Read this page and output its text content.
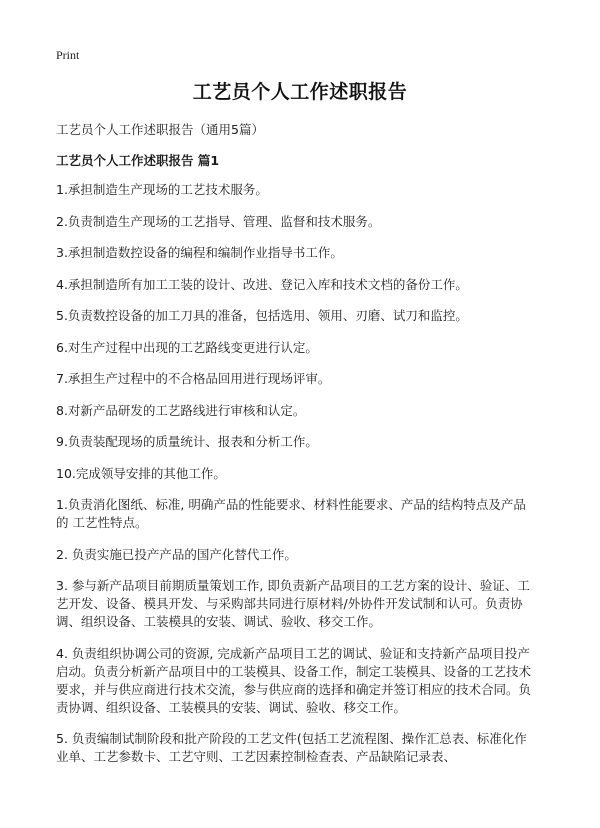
Print
工艺员个人工作述职报告
工艺员个人工作述职报告（通用5篇）
工艺员个人工作述职报告 篇1
1.承担制造生产现场的工艺技术服务。
2.负责制造生产现场的工艺指导、管理、监督和技术服务。
3.承担制造数控设备的编程和编制作业指导书工作。
4.承担制造所有加工工装的设计、改进、登记入库和技术文档的备份工作。
5.负责数控设备的加工刀具的准备，包括选用、领用、刃磨、试刀和监控。
6.对生产过程中出现的工艺路线变更进行认定。
7.承担生产过程中的不合格品回用进行现场评审。
8.对新产品研发的工艺路线进行审核和认定。
9.负责装配现场的质量统计、报表和分析工作。
10.完成领导安排的其他工作。
1.负责消化图纸、标准, 明确产品的性能要求、材料性能要求、产品的结构特点及产品的 工艺性特点。
2. 负责实施已投产产品的国产化替代工作。
3. 参与新产品项目前期质量策划工作, 即负责新产品项目的工艺方案的设计、验证、工艺开发、设备、模具开发、与采购部共同进行原材料/外协件开发试制和认可。负责协调、组织设备、工装模具的安装、调试、验收、移交工作。
4. 负责组织协调公司的资源, 完成新产品项目工艺的调试、验证和支持新产品项目投产启动。负责分析新产品项目中的工装模具、设备工作，制定工装模具、设备的工艺技术要求，并与供应商进行技术交流，参与供应商的选择和确定并签订相应的技术合同。负责协调、组织设备、工装模具的安装、调试、验收、移交工作。
5. 负责编制试制阶段和批产阶段的工艺文件(包括工艺流程图、操作汇总表、标准化作业单、工艺参数卡、工艺守则、工艺因素控制检查表、产品缺陷记录表、
